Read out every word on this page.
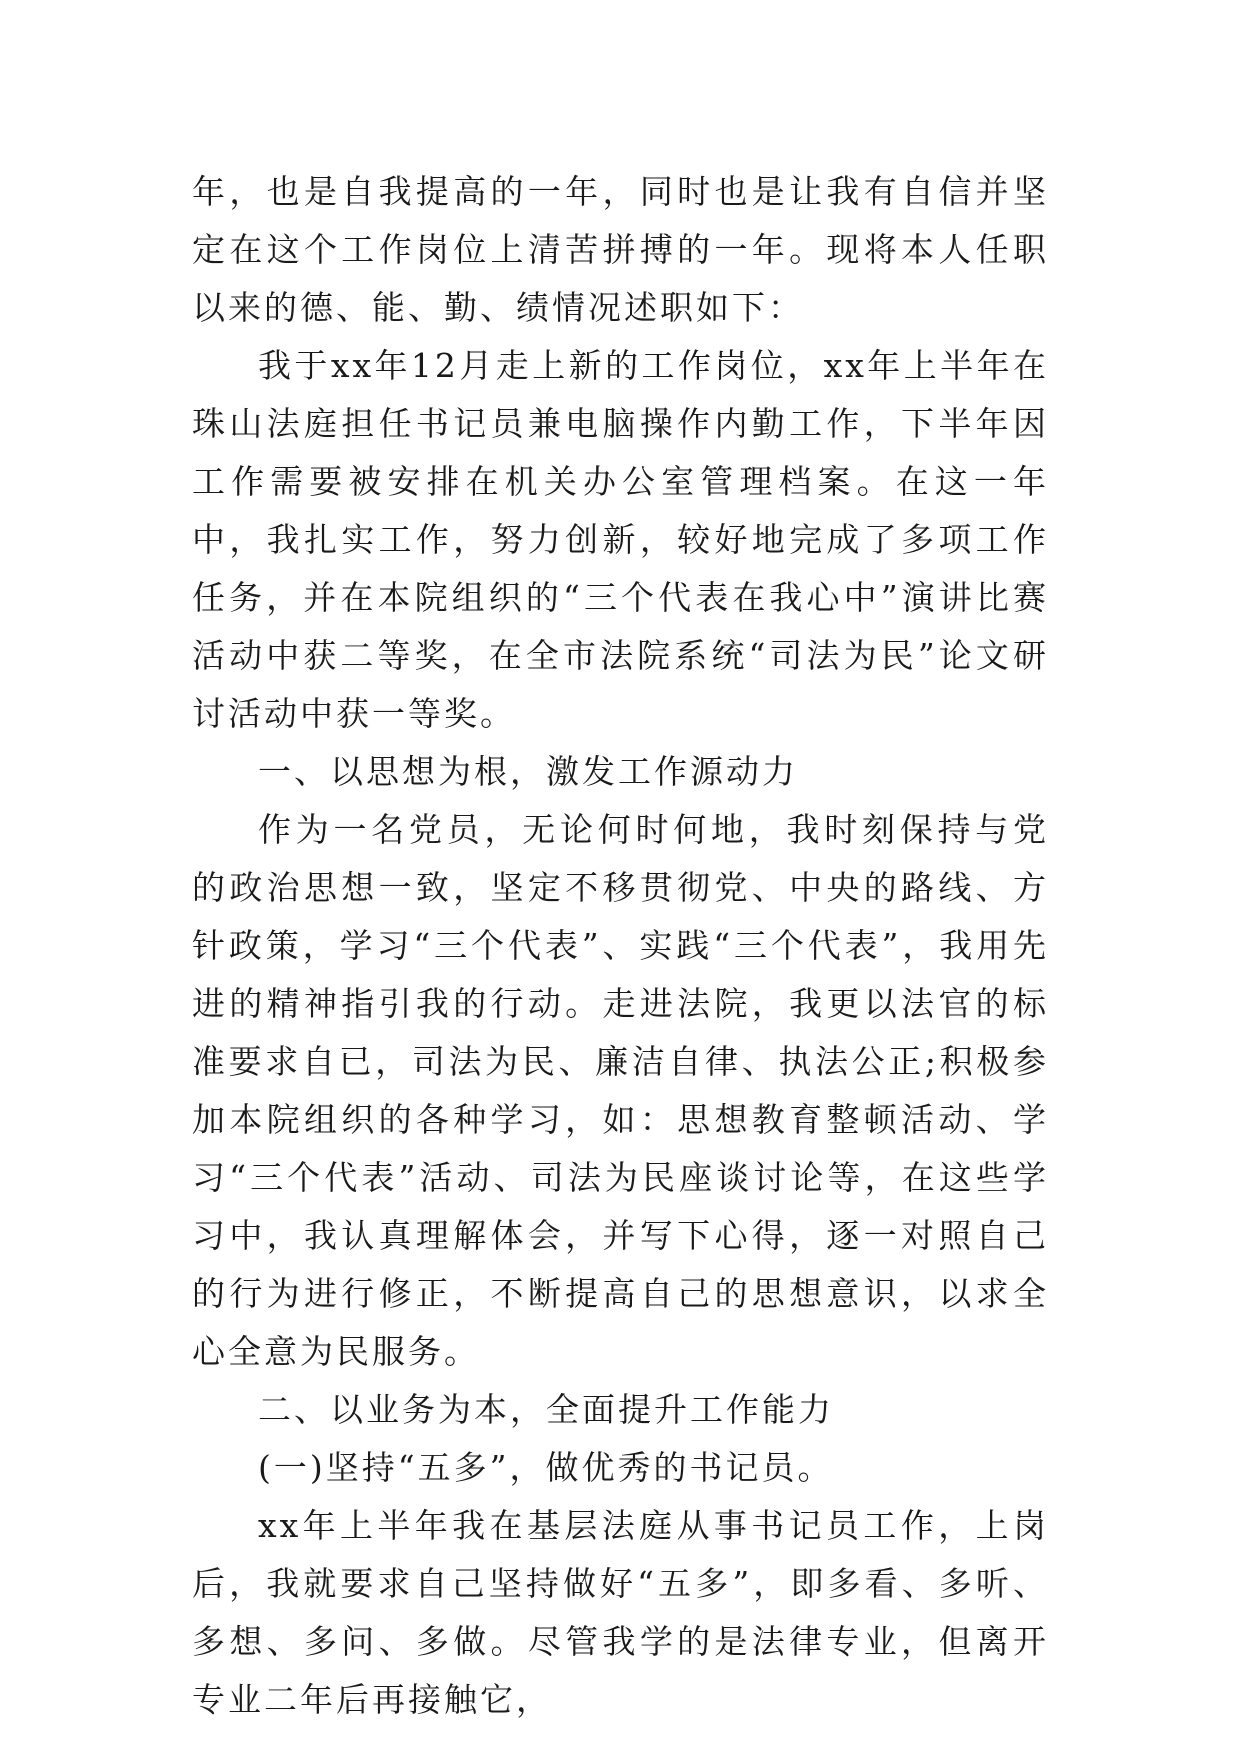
年，也是自我提高的一年，同时也是让我有自信并坚定在这个工作岗位上清苦拼搏的一年。现将本人任职以来的德、能、勤、绩情况述职如下：

我于xx年12月走上新的工作岗位，xx年上半年在珠山法庭担任书记员兼电脑操作内勤工作，下半年因工作需要被安排在机关办公室管理档案。在这一年中，我扎实工作，努力创新，较好地完成了多项工作任务，并在本院组织的“三个代表在我心中”演讲比赛活动中获二等奖，在全市法院系统“司法为民”论文研讨活动中获一等奖。

一、以思想为根，激发工作源动力

作为一名党员，无论何时何地，我时刻保持与党的政治思想一致，坚定不移贯彻党、中央的路线、方针政策，学习“三个代表”、实践“三个代表”，我用先进的精神指引我的行动。走进法院，我更以法官的标准要求自已，司法为民、廉洁自律、执法公正;积极参加本院组织的各种学习，如：思想教育整顿活动、学习“三个代表”活动、司法为民座谈讨论等，在这些学习中，我认真理解体会，并写下心得，逐一对照自己的行为进行修正，不断提高自己的思想意识，以求全心全意为民服务。

二、以业务为本，全面提升工作能力

(一)坚持“五多”，做优秀的书记员。

xx年上半年我在基层法庭从事书记员工作，上岗后，我就要求自己坚持做好“五多”，即多看、多听、多想、多问、多做。尽管我学的是法律专业，但离开专业二年后再接触它，
